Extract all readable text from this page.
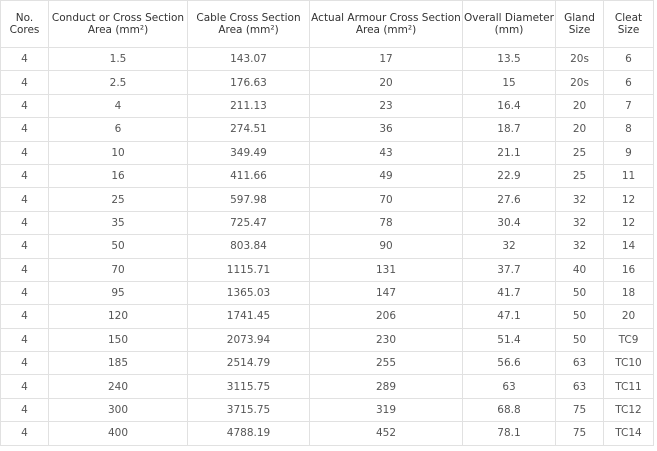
No. Cores	Conduct or Cross Section Area (mm²)	Cable Cross Section Area (mm²)	Actual Armour Cross Section Area (mm²)	Overall Diameter (mm)	Gland Size	Cleat Size
4	1.5	143.07	17	13.5	20s	6
4	2.5	176.63	20	15	20s	6
4	4	211.13	23	16.4	20	7
4	6	274.51	36	18.7	20	8
4	10	349.49	43	21.1	25	9
4	16	411.66	49	22.9	25	11
4	25	597.98	70	27.6	32	12
4	35	725.47	78	30.4	32	12
4	50	803.84	90	32	32	14
4	70	1115.71	131	37.7	40	16
4	95	1365.03	147	41.7	50	18
4	120	1741.45	206	47.1	50	20
4	150	2073.94	230	51.4	50	TC9
4	185	2514.79	255	56.6	63	TC10
4	240	3115.75	289	63	63	TC11
4	300	3715.75	319	68.8	75	TC12
4	400	4788.19	452	78.1	75	TC14
